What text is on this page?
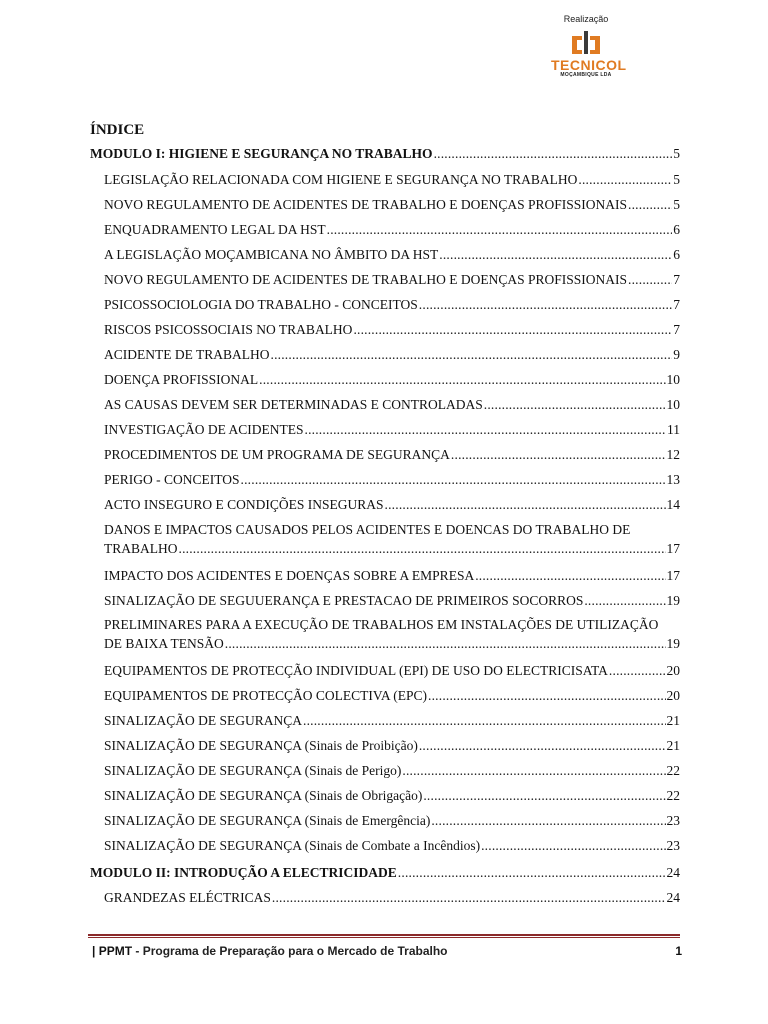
Realização
TECNICOL
MOÇAMBIQUE LDA
ÍNDICE
MODULO I: HIGIENE E SEGURANÇA NO TRABALHO .....	5
LEGISLAÇÃO RELACIONADA COM HIGIENE E SEGURANÇA NO TRABALHO .....	5
NOVO REGULAMENTO DE ACIDENTES DE TRABALHO E DOENÇAS PROFISSIONAIS .....	5
ENQUADRAMENTO LEGAL DA HST .....	6
A LEGISLAÇÃO MOÇAMBICANA NO ÂMBITO DA HST .....	6
NOVO REGULAMENTO DE ACIDENTES DE TRABALHO E DOENÇAS PROFISSIONAIS .....	7
PSICOSSOCIOLOGIA DO TRABALHO - CONCEITOS .....	7
RISCOS PSICOSSOCIAIS NO TRABALHO .....	7
ACIDENTE DE TRABALHO .....	9
DOENÇA PROFISSIONAL .....	10
AS CAUSAS DEVEM SER DETERMINADAS E CONTROLADAS .....	10
INVESTIGAÇÃO DE ACIDENTES .....	11
PROCEDIMENTOS DE UM PROGRAMA DE SEGURANÇA .....	12
PERIGO - CONCEITOS .....	13
ACTO INSEGURO E CONDIÇÕES INSEGURAS .....	14
DANOS E IMPACTOS CAUSADOS PELOS ACIDENTES E DOENCAS DO TRABALHO DE
TRABALHO .....	17
IMPACTO DOS ACIDENTES E DOENÇAS SOBRE A EMPRESA .....	17
SINALIZAÇÃO DE SEGUUERANÇA E PRESTACAO DE PRIMEIROS SOCORROS .....	19
PRELIMINARES PARA A EXECUÇÃO DE TRABALHOS EM INSTALAÇÕES DE UTILIZAÇÃO
DE BAIXA TENSÃO .....	19
EQUIPAMENTOS DE PROTECÇÃO INDIVIDUAL (EPI) DE USO DO ELECTRICISATA .....	20
EQUIPAMENTOS DE PROTECÇÃO COLECTIVA (EPC) .....	20
SINALIZAÇÃO DE SEGURANÇA .....	21
SINALIZAÇÃO DE SEGURANÇA (Sinais de Proibição) .....	21
SINALIZAÇÃO DE SEGURANÇA (Sinais de Perigo) .....	22
SINALIZAÇÃO DE SEGURANÇA (Sinais de Obrigação) .....	22
SINALIZAÇÃO DE SEGURANÇA (Sinais de Emergência) .....	23
SINALIZAÇÃO DE SEGURANÇA (Sinais de Combate a Incêndios) .....	23
MODULO II: INTRODUÇÃO A ELECTRICIDADE .....	24
GRANDEZAS ELÉCTRICAS .....	24
| PPMT - Programa de Preparação para o Mercado de Trabalho	1
